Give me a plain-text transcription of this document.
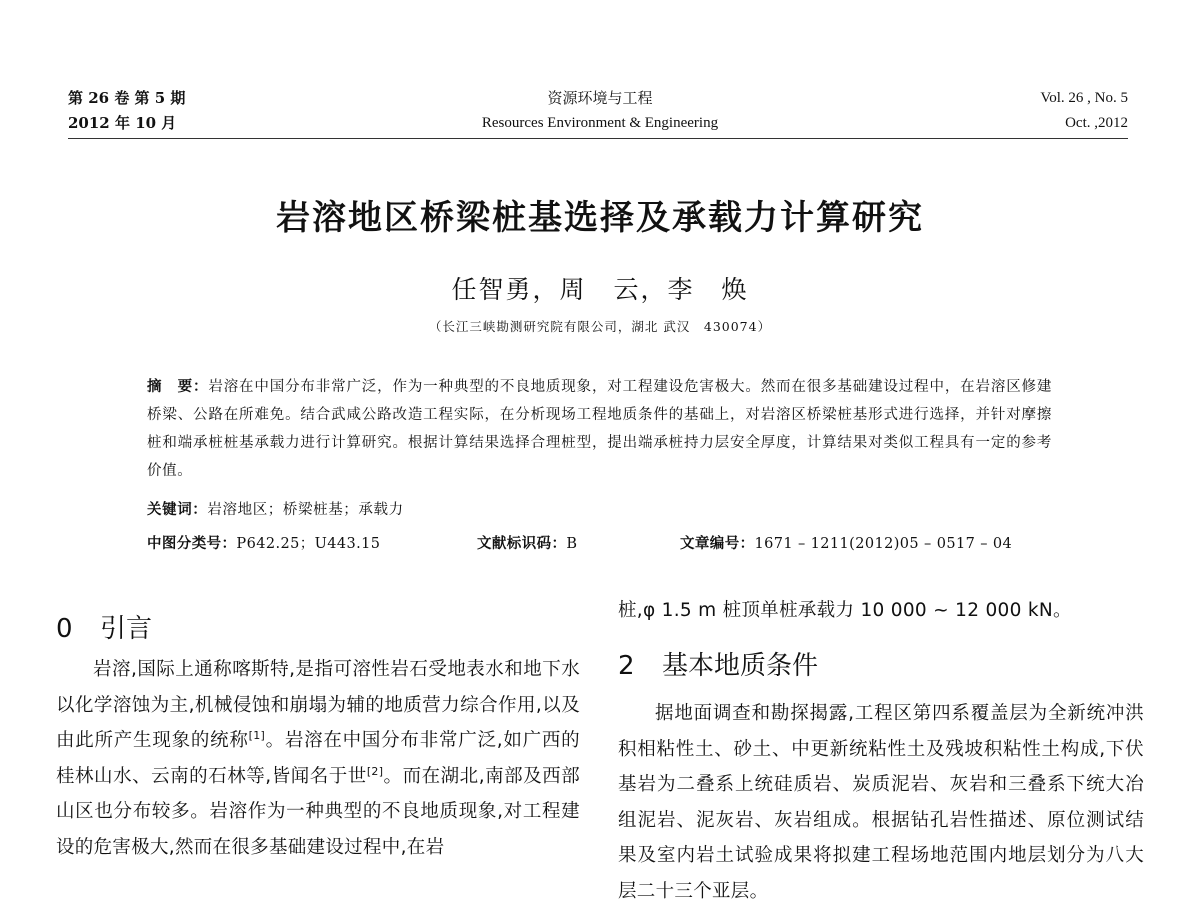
第 26 卷 第 5 期
2012 年 10 月
资源环境与工程
Resources Environment & Engineering
Vol. 26 , No. 5
Oct. ,2012
岩溶地区桥梁桩基选择及承载力计算研究
任智勇，周　云，李　焕
（长江三峡勘测研究院有限公司，湖北 武汉　430074）
摘　要：岩溶在中国分布非常广泛，作为一种典型的不良地质现象，对工程建设危害极大。然而在很多基础建设过程中，在岩溶区修建桥梁、公路在所难免。结合武咸公路改造工程实际，在分析现场工程地质条件的基础上，对岩溶区桥梁桩基形式进行选择，并针对摩擦桩和端承桩桩基承载力进行计算研究。根据计算结果选择合理桩型，提出端承桩持力层安全厚度，计算结果对类似工程具有一定的参考价值。
关键词：岩溶地区；桥梁桩基；承载力
中图分类号：P642.25；U443.15	文献标识码：B	文章编号：1671 – 1211(2012)05 – 0517 – 04
0 引言

岩溶,国际上通称喀斯特,是指可溶性岩石受地表水和地下水以化学溶蚀为主,机械侵蚀和崩塌为辅的地质营力综合作用,以及由此所产生现象的统称[1]。岩溶在中国分布非常广泛,如广西的桂林山水、云南的石林等,皆闻名于世[2]。而在湖北,南部及西部山区也分布较多。岩溶作为一种典型的不良地质现象,对工程建设的危害极大,然而在很多基础建设过程中,在岩

桩,φ 1.5 m 桩顶单桩承载力 10 000 ~ 12 000 kN。
2 基本地质条件

据地面调查和勘探揭露,工程区第四系覆盖层为全新统冲洪积相粘性土、砂土、中更新统粘性土及残坡积粘性土构成,下伏基岩为二叠系上统硅质岩、炭质泥岩、灰岩和三叠系下统大冶组泥岩、泥灰岩、灰岩组成。根据钻孔岩性描述、原位测试结果及室内岩土试验成果将拟建工程场地范围内地层划分为八大层二十三个亚层。
